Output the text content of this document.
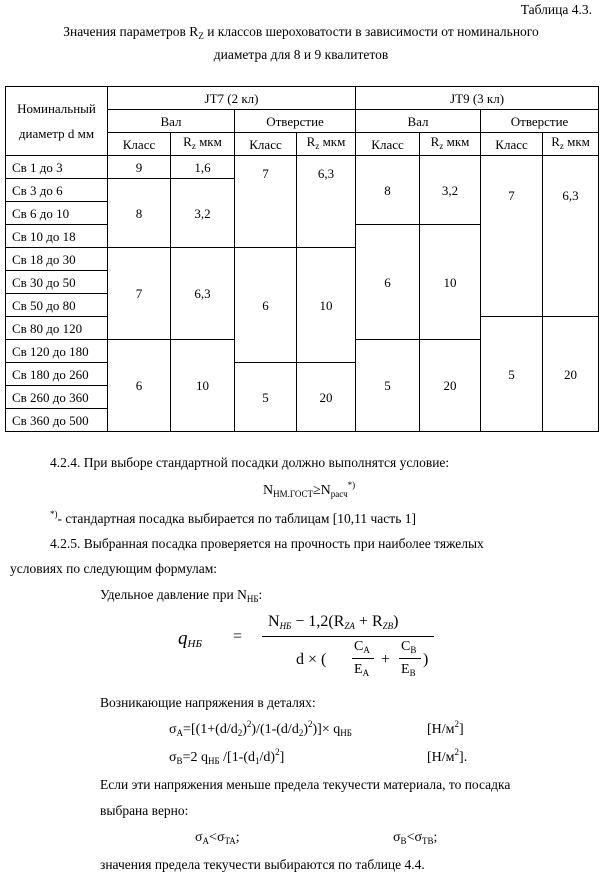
Таблица 4.3.
Значения параметров $R_Z$ и классов шероховатости в зависимости от номинального
диаметра для 8 и 9 квалитетов
Номинальный
диаметр d мм	JT7 (2 кл)				JT9 (3 кл)			
	Вал		Отверстие		Вал		Отверстие	
	Класс	$R_z$ мкм	Класс	$R_z$ мкм	Класс	$R_z$ мкм	Класс	$R_z$ мкм
Св 1 до 3	9	1,6	7	6,3	8	3,2	7	6,3
Св 3 до 6	8	3,2						
Св 6 до 10								
Св 10 до 18					6	10		
Св 18 до 30	7	6,3	6	10				
Св 30 до 50								
Св 50 до 80								
Св 80 до 120							5	20
Св 120 до 180	6	10			5	20		
Св 180 до 260			5	20				
Св 260 до 360								
Св 360 до 500								
4.2.4. При выборе стандартной посадки должно выполнятся условие:
$N_{НМ.ГОСТ}\ge N_{расч}^{*)}$
*)- стандартная посадка выбирается по таблицам [10,11 часть 1]
4.2.5. Выбранная посадка проверяется на прочность при наиболее тяжелых
условиях по следующим формулам:
Удельное давление при $N_{НБ}$:
$q_{НБ}$ =
$N_{НБ} - 1,2(R_{ZA} + R_{ZB})$
d × (
$C_A$
$E_A$
+
$C_B$
$E_B$
)
Возникающие напряжения в деталях:
$\sigma_A=[(1+(d/d_2)^2)/(1-(d/d_2)^2)]\times q_{НБ}$	$[Н/м^2]$
$\sigma_B=2$ $q_{НБ}$ $/[1-(d_1/d)^2]$	$[Н/м^2]$.
Если эти напряжения меньше предела текучести материала, то посадка
выбрана верно:
$\sigma_A<\sigma_{TA}$;	$\sigma_B<\sigma_{TB}$;
значения предела текучести выбираются по таблице 4.4.
